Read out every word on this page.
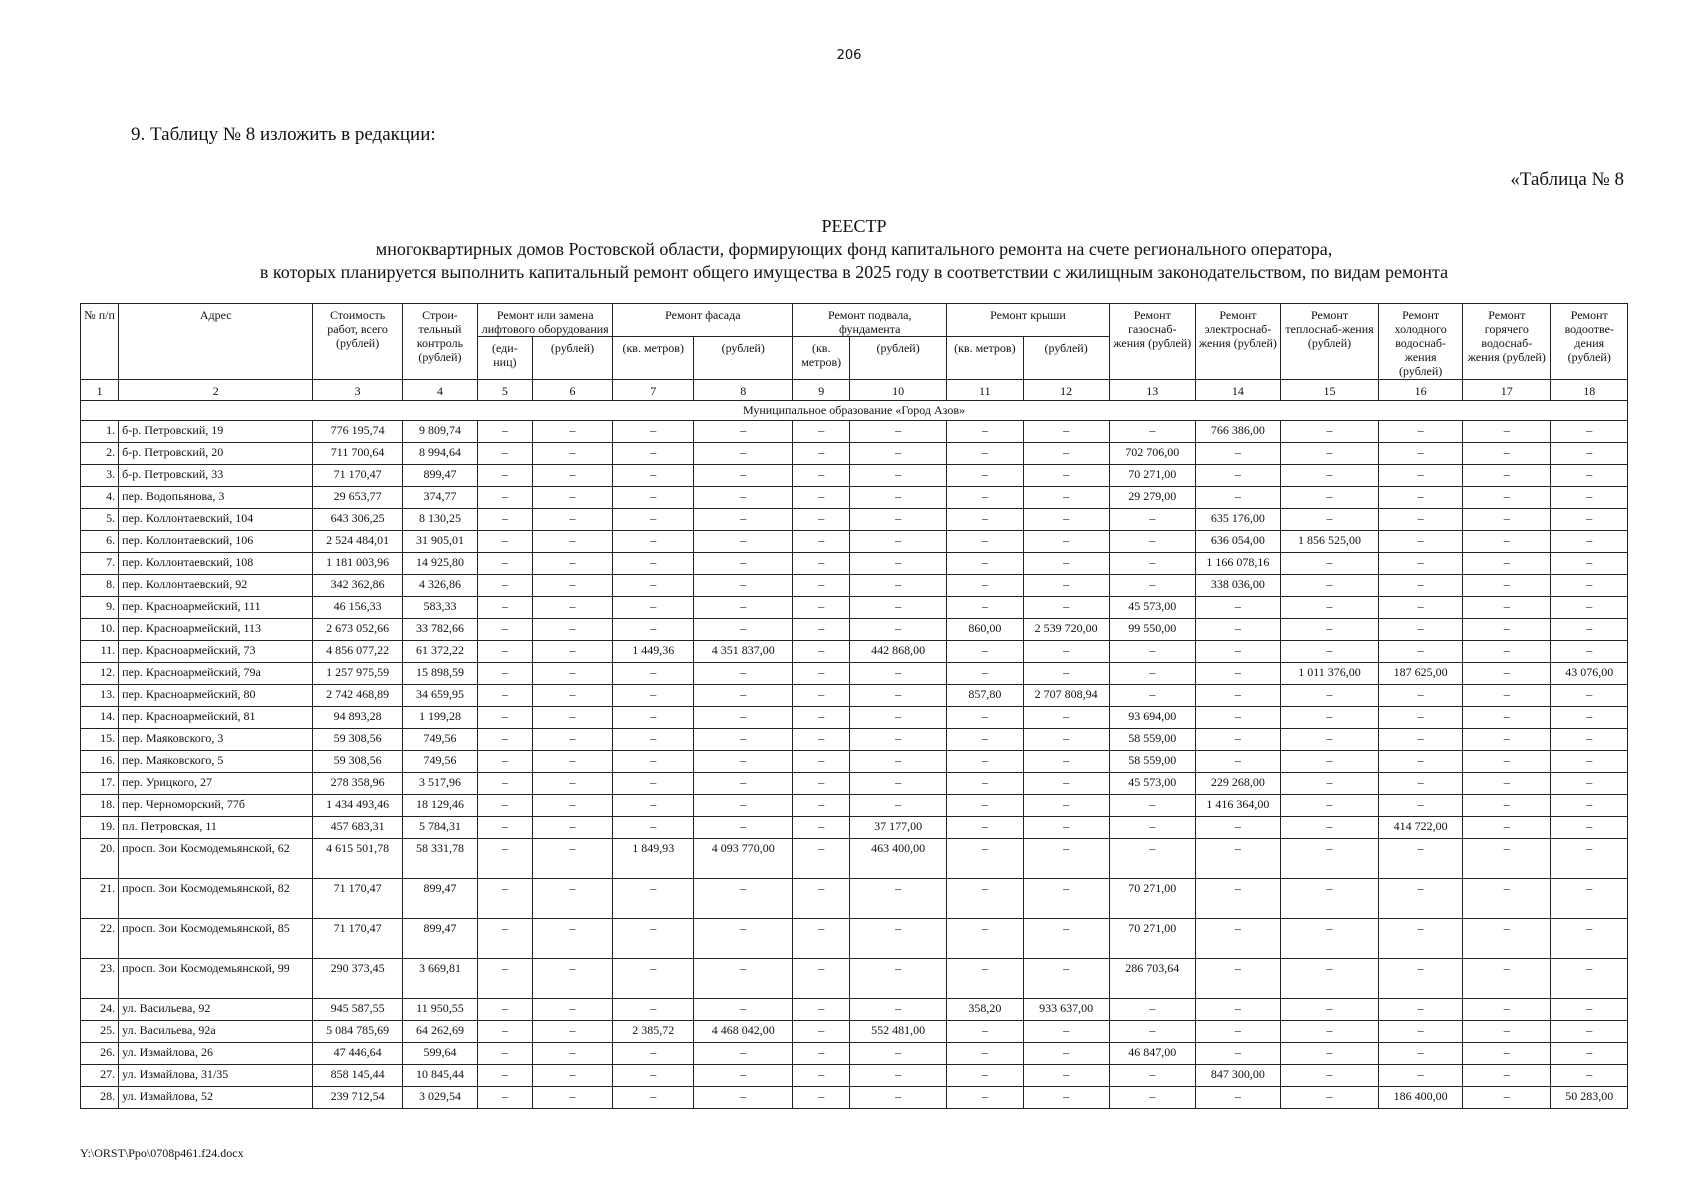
206
9. Таблицу № 8 изложить в редакции:
«Таблица № 8
РЕЕСТР
многоквартирных домов Ростовской области, формирующих фонд капитального ремонта на счете регионального оператора,
в которых планируется выполнить капитальный ремонт общего имущества в 2025 году в соответствии с жилищным законодательством, по видам ремонта
№ п/п	Адрес	Стоимость работ, всего (рублей)	Строи-тельный контроль (рублей)	Ремонт или замена лифтового оборудования		Ремонт фасада		Ремонт подвала, фундамента		Ремонт крыши		Ремонт газоснаб-жения (рублей)	Ремонт электроснаб-жения (рублей)	Ремонт теплоснаб-жения (рублей)	Ремонт холодного водоснаб-жения (рублей)	Ремонт горячего водоснаб-жения (рублей)	Ремонт водоотве-дения (рублей)
				(еди-ниц)	(рублей)	(кв. метров)	(рублей)	(кв. метров)	(рублей)	(кв. метров)	(рублей)						
1	2	3	4	5	6	7	8	9	10	11	12	13	14	15	16	17	18
Муниципальное образование «Город Азов»																	
1.	б-р. Петровский, 19	776 195,74	9 809,74	–	–	–	–	–	–	–	–	–	766 386,00	–	–	–	–
2.	б-р. Петровский, 20	711 700,64	8 994,64	–	–	–	–	–	–	–	–	702 706,00	–	–	–	–	–
3.	б-р. Петровский, 33	71 170,47	899,47	–	–	–	–	–	–	–	–	70 271,00	–	–	–	–	–
4.	пер. Водопьянова, 3	29 653,77	374,77	–	–	–	–	–	–	–	–	29 279,00	–	–	–	–	–
5.	пер. Коллонтаевский, 104	643 306,25	8 130,25	–	–	–	–	–	–	–	–	–	635 176,00	–	–	–	–
6.	пер. Коллонтаевский, 106	2 524 484,01	31 905,01	–	–	–	–	–	–	–	–	–	636 054,00	1 856 525,00	–	–	–
7.	пер. Коллонтаевский, 108	1 181 003,96	14 925,80	–	–	–	–	–	–	–	–	–	1 166 078,16	–	–	–	–
8.	пер. Коллонтаевский, 92	342 362,86	4 326,86	–	–	–	–	–	–	–	–	–	338 036,00	–	–	–	–
9.	пер. Красноармейский, 111	46 156,33	583,33	–	–	–	–	–	–	–	–	45 573,00	–	–	–	–	–
10.	пер. Красноармейский, 113	2 673 052,66	33 782,66	–	–	–	–	–	–	860,00	2 539 720,00	99 550,00	–	–	–	–	–
11.	пер. Красноармейский, 73	4 856 077,22	61 372,22	–	–	1 449,36	4 351 837,00	–	442 868,00	–	–	–	–	–	–	–	–
12.	пер. Красноармейский, 79а	1 257 975,59	15 898,59	–	–	–	–	–	–	–	–	–	–	1 011 376,00	187 625,00	–	43 076,00
13.	пер. Красноармейский, 80	2 742 468,89	34 659,95	–	–	–	–	–	–	857,80	2 707 808,94	–	–	–	–	–	–
14.	пер. Красноармейский, 81	94 893,28	1 199,28	–	–	–	–	–	–	–	–	93 694,00	–	–	–	–	–
15.	пер. Маяковского, 3	59 308,56	749,56	–	–	–	–	–	–	–	–	58 559,00	–	–	–	–	–
16.	пер. Маяковского, 5	59 308,56	749,56	–	–	–	–	–	–	–	–	58 559,00	–	–	–	–	–
17.	пер. Урицкого, 27	278 358,96	3 517,96	–	–	–	–	–	–	–	–	45 573,00	229 268,00	–	–	–	–
18.	пер. Черноморский, 77б	1 434 493,46	18 129,46	–	–	–	–	–	–	–	–	–	1 416 364,00	–	–	–	–
19.	пл. Петровская, 11	457 683,31	5 784,31	–	–	–	–	–	37 177,00	–	–	–	–	–	414 722,00	–	–
20.	просп. Зои Космодемьянской, 62	4 615 501,78	58 331,78	–	–	1 849,93	4 093 770,00	–	463 400,00	–	–	–	–	–	–	–	–
21.	просп. Зои Космодемьянской, 82	71 170,47	899,47	–	–	–	–	–	–	–	–	70 271,00	–	–	–	–	–
22.	просп. Зои Космодемьянской, 85	71 170,47	899,47	–	–	–	–	–	–	–	–	70 271,00	–	–	–	–	–
23.	просп. Зои Космодемьянской, 99	290 373,45	3 669,81	–	–	–	–	–	–	–	–	286 703,64	–	–	–	–	–
24.	ул. Васильева, 92	945 587,55	11 950,55	–	–	–	–	–	–	358,20	933 637,00	–	–	–	–	–	–
25.	ул. Васильева, 92а	5 084 785,69	64 262,69	–	–	2 385,72	4 468 042,00	–	552 481,00	–	–	–	–	–	–	–	–
26.	ул. Измайлова, 26	47 446,64	599,64	–	–	–	–	–	–	–	–	46 847,00	–	–	–	–	–
27.	ул. Измайлова, 31/35	858 145,44	10 845,44	–	–	–	–	–	–	–	–	–	847 300,00	–	–	–	–
28.	ул. Измайлова, 52	239 712,54	3 029,54	–	–	–	–	–	–	–	–	–	–	–	186 400,00	–	50 283,00
Y:\ORST\Ppo\0708p461.f24.docx
